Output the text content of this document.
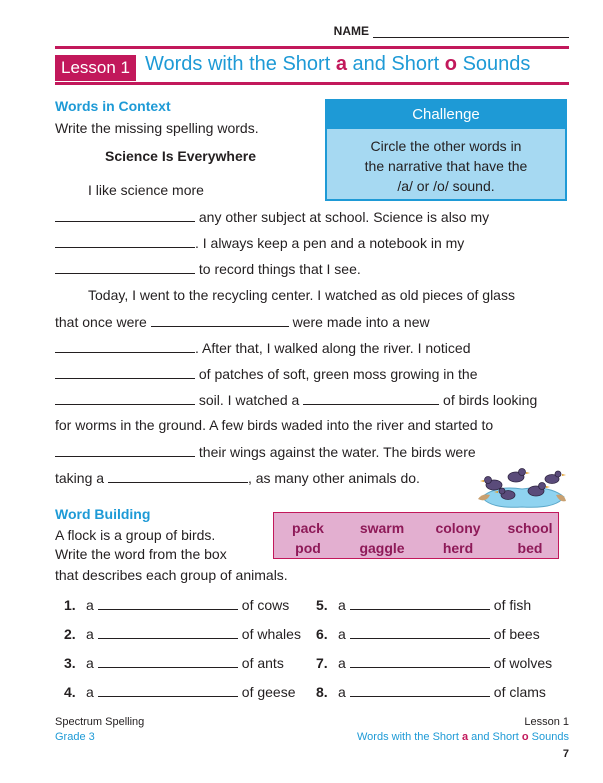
NAME
Lesson 1 Words with the Short a and Short o Sounds
Words in Context
Write the missing spelling words.
Science Is Everywhere
Challenge
Circle the other words in
the narrative that have the
/a/ or /o/ sound.
I like science more
any other subject at school. Science is also my
. I always keep a pen and a notebook in my
to record things that I see.
Today, I went to the recycling center. I watched as old pieces of glass
that once were	were made into a new
. After that, I walked along the river. I noticed
of patches of soft, green moss growing in the
soil. I watched a	of birds looking
for worms in the ground. A few birds waded into the river and started to
their wings against the water. The birds were
taking a	, as many other animals do.
Word Building
A flock is a group of birds.
Write the word from the box
that describes each group of animals.
pack	swarm	colony	school
pod	gaggle	herd	bed
1. a	of cows
2. a	of whales
3. a	of ants
4. a	of geese
5. a	of fish
6. a	of bees
7. a	of wolves
8. a	of clams
Spectrum Spelling
Grade 3
Lesson 1
Words with the Short a and Short o Sounds
7
